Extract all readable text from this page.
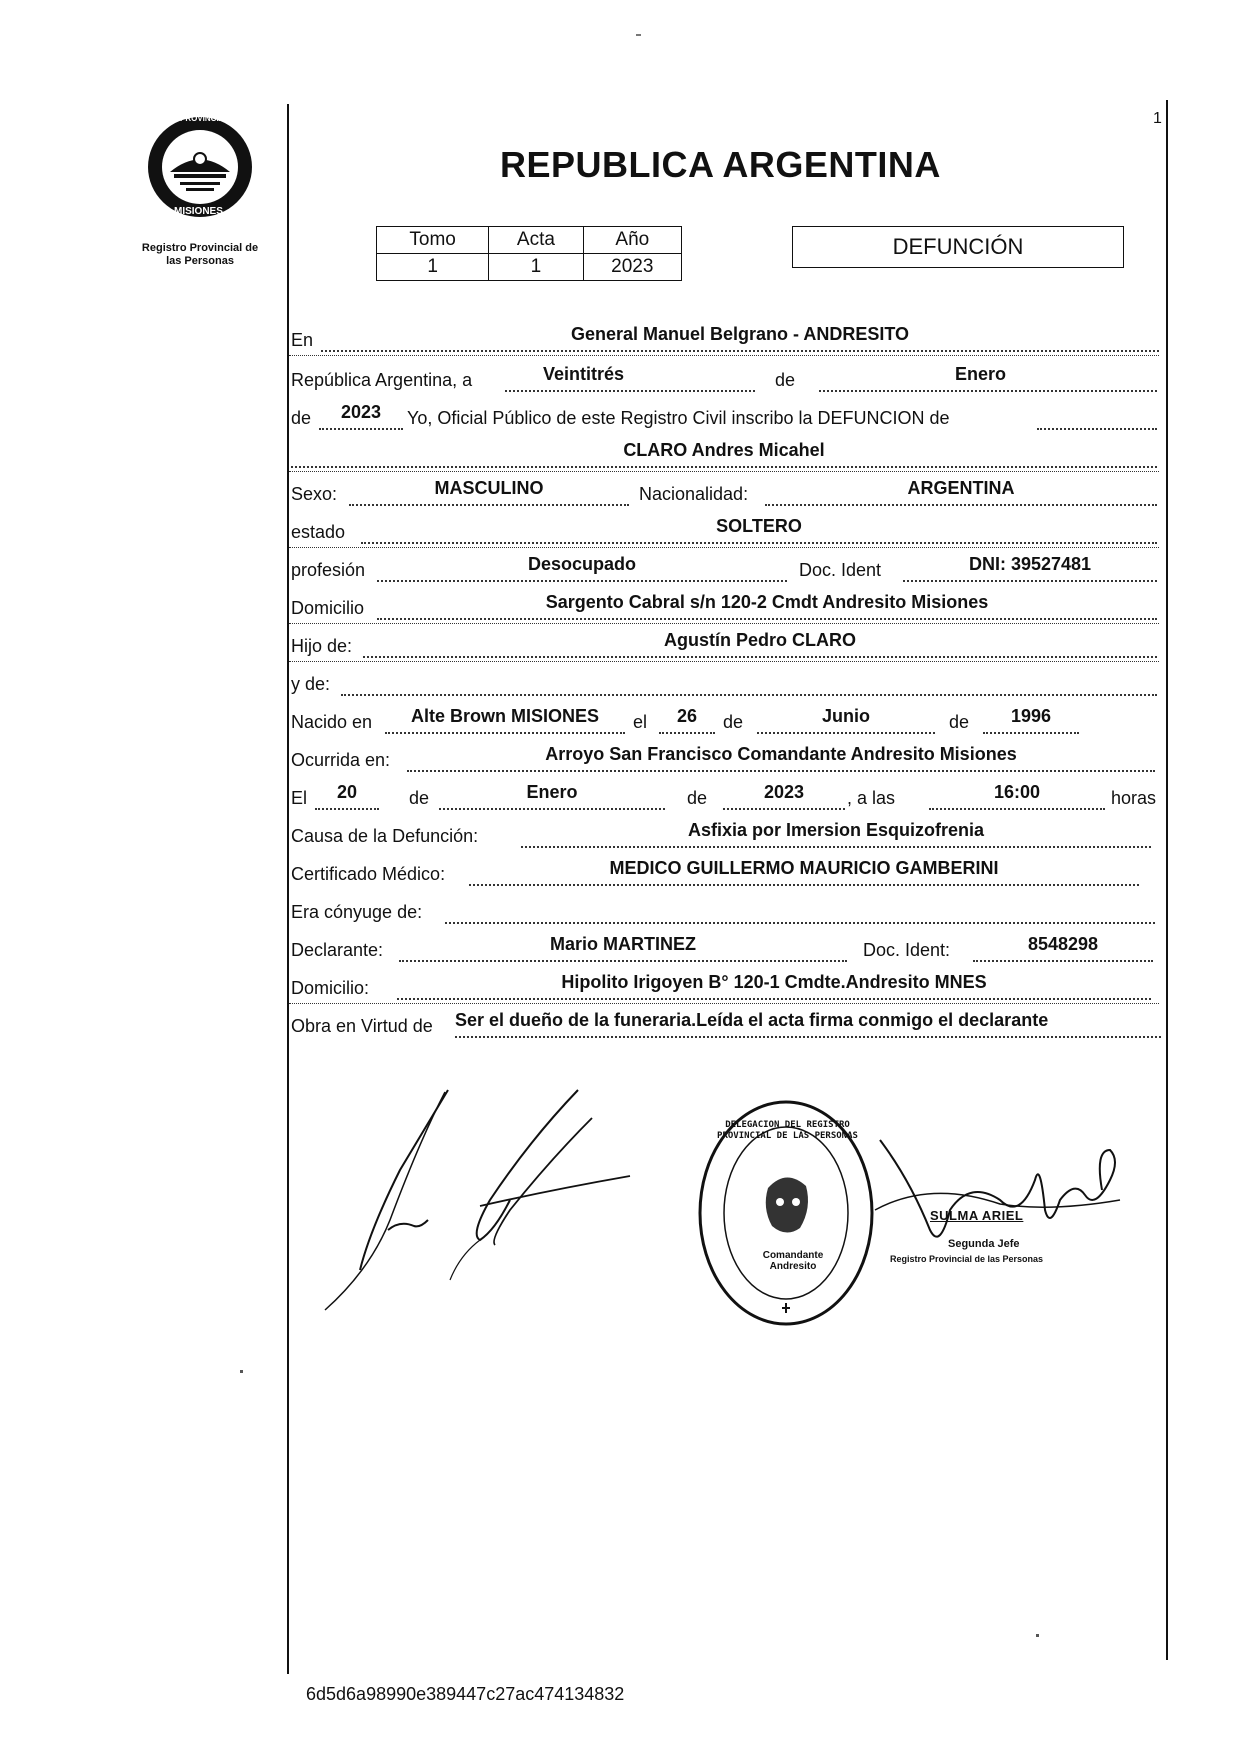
PROVINCIA
MISIONES
Registro Provincial de
las Personas
REPUBLICA ARGENTINA
1
Tomo	Acta	Año
1	1	2023
DEFUNCIÓN
En	General Manuel Belgrano - ANDRESITO
República Argentina, a	Veintitrés	de	Enero
de	2023	Yo, Oficial Público de este Registro Civil inscribo la DEFUNCION de
CLARO Andres Micahel
Sexo:	MASCULINO	Nacionalidad:	ARGENTINA
estado	SOLTERO
profesión	Desocupado	Doc. Ident	DNI: 39527481
Domicilio	Sargento Cabral s/n 120-2 Cmdt Andresito Misiones
Hijo de:	Agustín Pedro CLARO
y de:
Nacido en	Alte Brown MISIONES	el	26	de	Junio	de	1996
Ocurrida en:	Arroyo San Francisco Comandante Andresito Misiones
El	20	de	Enero	de	2023	, a las	16:00	horas
Causa de la Defunción:	Asfixia por Imersion Esquizofrenia
Certificado Médico:	MEDICO GUILLERMO MAURICIO GAMBERINI
Era cónyuge de:
Declarante:	Mario MARTINEZ	Doc. Ident:	8548298
Domicilio:	Hipolito Irigoyen B° 120-1 Cmdte.Andresito MNES
Obra en Virtud de Ser el dueño de la funeraria.Leída el acta firma conmigo el declarante
DELEGACION DEL REGISTRO PROVINCIAL DE LAS PERSONAS
Comandante Andresito
SULMA ARIEL
Segunda Jefe
Registro Provincial de las Personas
6d5d6a98990e389447c27ac474134832
